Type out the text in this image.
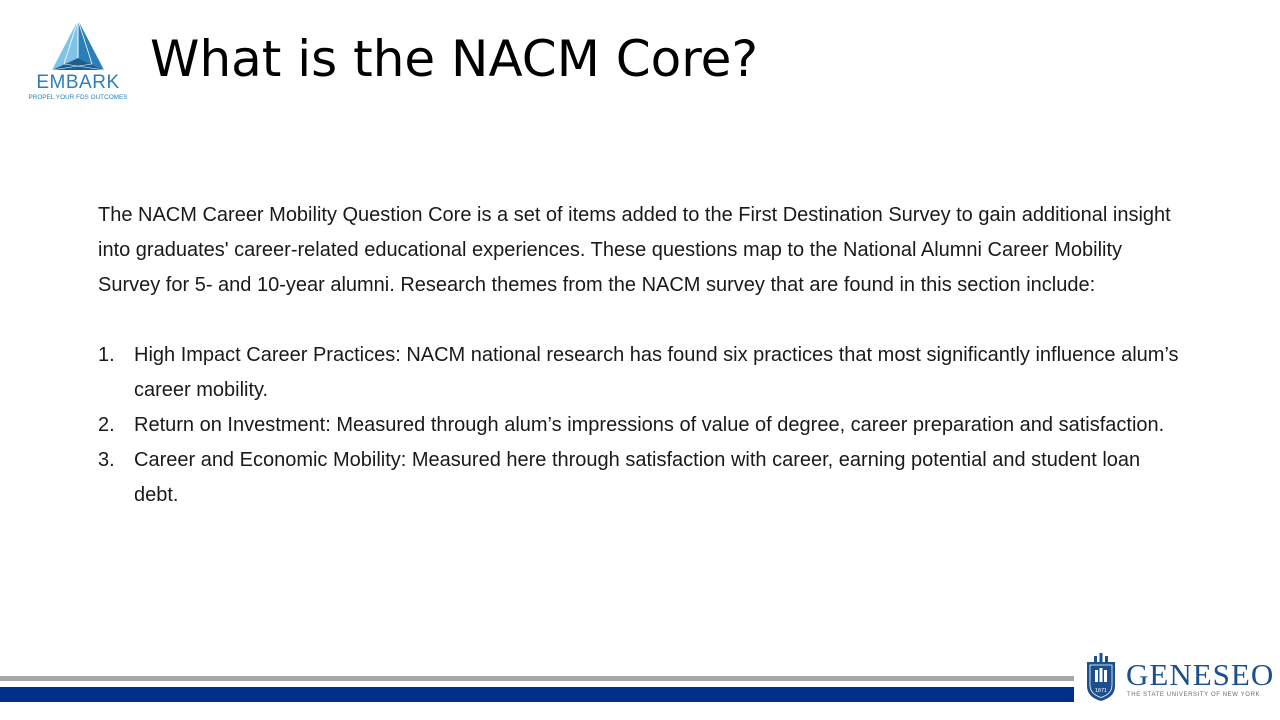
EMBARK
PROPEL YOUR FDS OUTCOMES
What is the NACM Core?

The NACM Career Mobility Question Core is a set of items added to the First Destination Survey to gain additional insight into graduates' career-related educational experiences. These questions map to the National Alumni Career Mobility Survey for 5- and 10-year alumni. Research themes from the NACM survey that are found in this section include:

1. High Impact Career Practices: NACM national research has found six practices that most significantly influence alum’s career mobility.
2. Return on Investment: Measured through alum’s impressions of value of degree, career preparation and satisfaction.
3. Career and Economic Mobility: Measured here through satisfaction with career, earning potential and student loan debt.
1871 GENESEO
THE STATE UNIVERSITY OF NEW YORK
